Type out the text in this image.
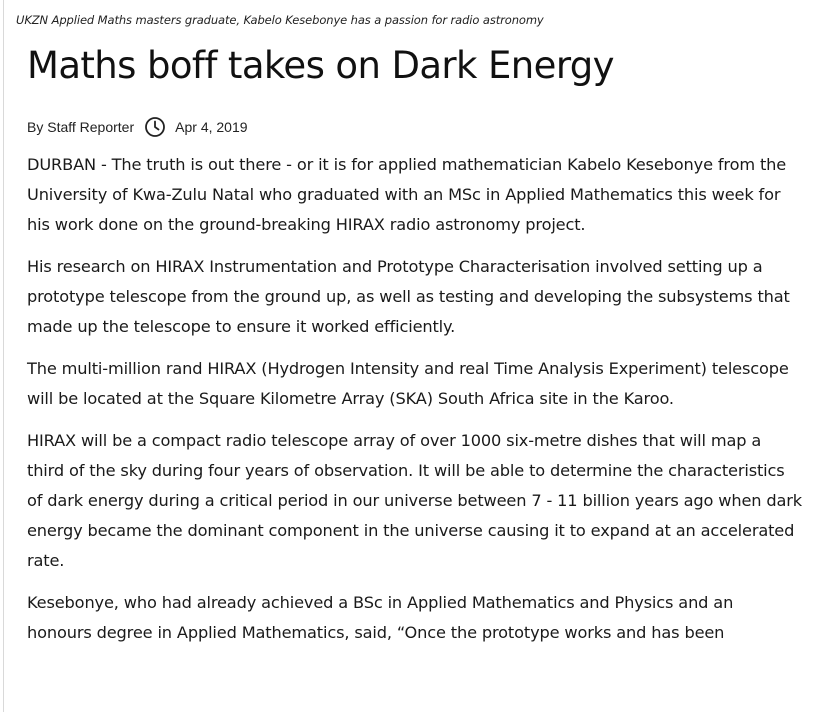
UKZN Applied Maths masters graduate, Kabelo Kesebonye has a passion for radio astronomy
Maths boff takes on Dark Energy
By Staff Reporter	Apr 4, 2019

DURBAN - The truth is out there - or it is for applied mathematician Kabelo Kesebonye from the University of Kwa-Zulu Natal who graduated with an MSc in Applied Mathematics this week for his work done on the ground-breaking HIRAX radio astronomy project.

His research on HIRAX Instrumentation and Prototype Characterisation involved setting up a prototype telescope from the ground up, as well as testing and developing the subsystems that made up the telescope to ensure it worked efficiently.

The multi-million rand HIRAX (Hydrogen Intensity and real Time Analysis Experiment) telescope will be located at the Square Kilometre Array (SKA) South Africa site in the Karoo.

HIRAX will be a compact radio telescope array of over 1000 six-metre dishes that will map a third of the sky during four years of observation. It will be able to determine the characteristics of dark energy during a critical period in our universe between 7 - 11 billion years ago when dark energy became the dominant component in the universe causing it to expand at an accelerated rate.

Kesebonye, who had already achieved a BSc in Applied Mathematics and Physics and an honours degree in Applied Mathematics, said, “Once the prototype works and has been
